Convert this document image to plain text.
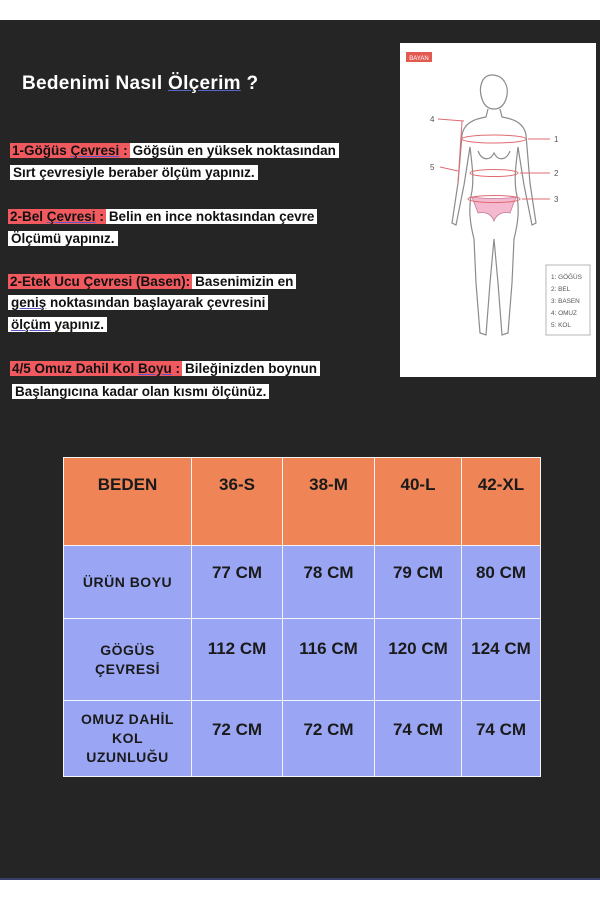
Bedenimi Nasıl Ölçerim ?
1-Göğüs Çevresi : Göğsün en yüksek noktasından
Sırt çevresiyle beraber ölçüm yapınız.
2-Bel Çevresi : Belin en ince noktasından çevre
Ölçümü yapınız.
2-Etek Ucu Çevresi (Basen): Basenimizin en
geniş noktasından başlayarak çevresini
ölçüm yapınız.
4/5 Omuz Dahil Kol Boyu : Bileğinizden boynun
Başlangıcına kadar olan kısmı ölçünüz.
BAYAN
1
2
3
4
5
1: GÖĞÜS
2: BEL
3: BASEN
4: OMUZ
5: KOL
BEDEN	36-S	38-M	40-L	42-XL
ÜRÜN BOYU	77 CM	78 CM	79 CM	80 CM
GÖGÜS
ÇEVRESİ	112 CM	116 CM	120 CM	124 CM
OMUZ DAHİL
KOL
UZUNLUĞU	72 CM	72 CM	74 CM	74 CM
